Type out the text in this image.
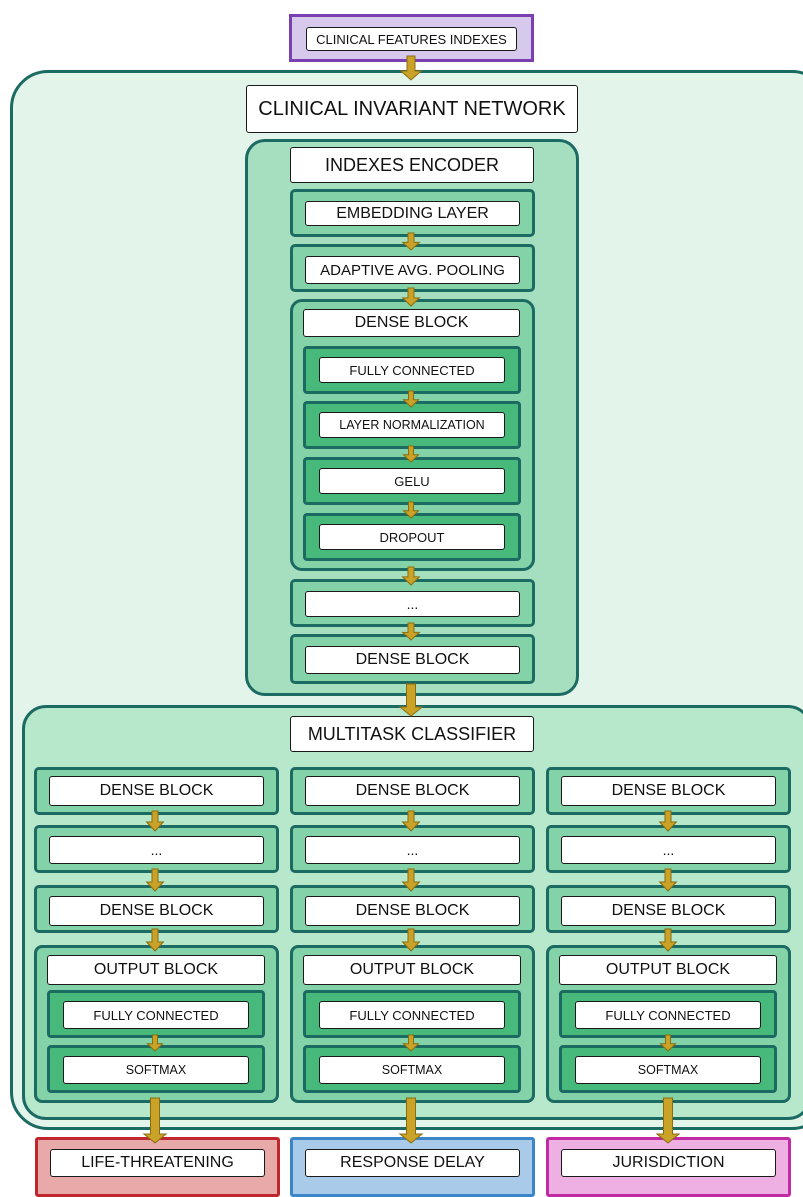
CLINICAL FEATURES INDEXES
CLINICAL INVARIANT NETWORK
INDEXES ENCODER
EMBEDDING LAYER
ADAPTIVE AVG. POOLING
DENSE BLOCK
FULLY CONNECTED
LAYER NORMALIZATION
GELU
DROPOUT
...
DENSE BLOCK
MULTITASK CLASSIFIER
DENSE BLOCK
...
DENSE BLOCK
OUTPUT BLOCK
FULLY CONNECTED
SOFTMAX
DENSE BLOCK
...
DENSE BLOCK
OUTPUT BLOCK
FULLY CONNECTED
SOFTMAX
DENSE BLOCK
...
DENSE BLOCK
OUTPUT BLOCK
FULLY CONNECTED
SOFTMAX
LIFE-THREATENING	RESPONSE DELAY	JURISDICTION
